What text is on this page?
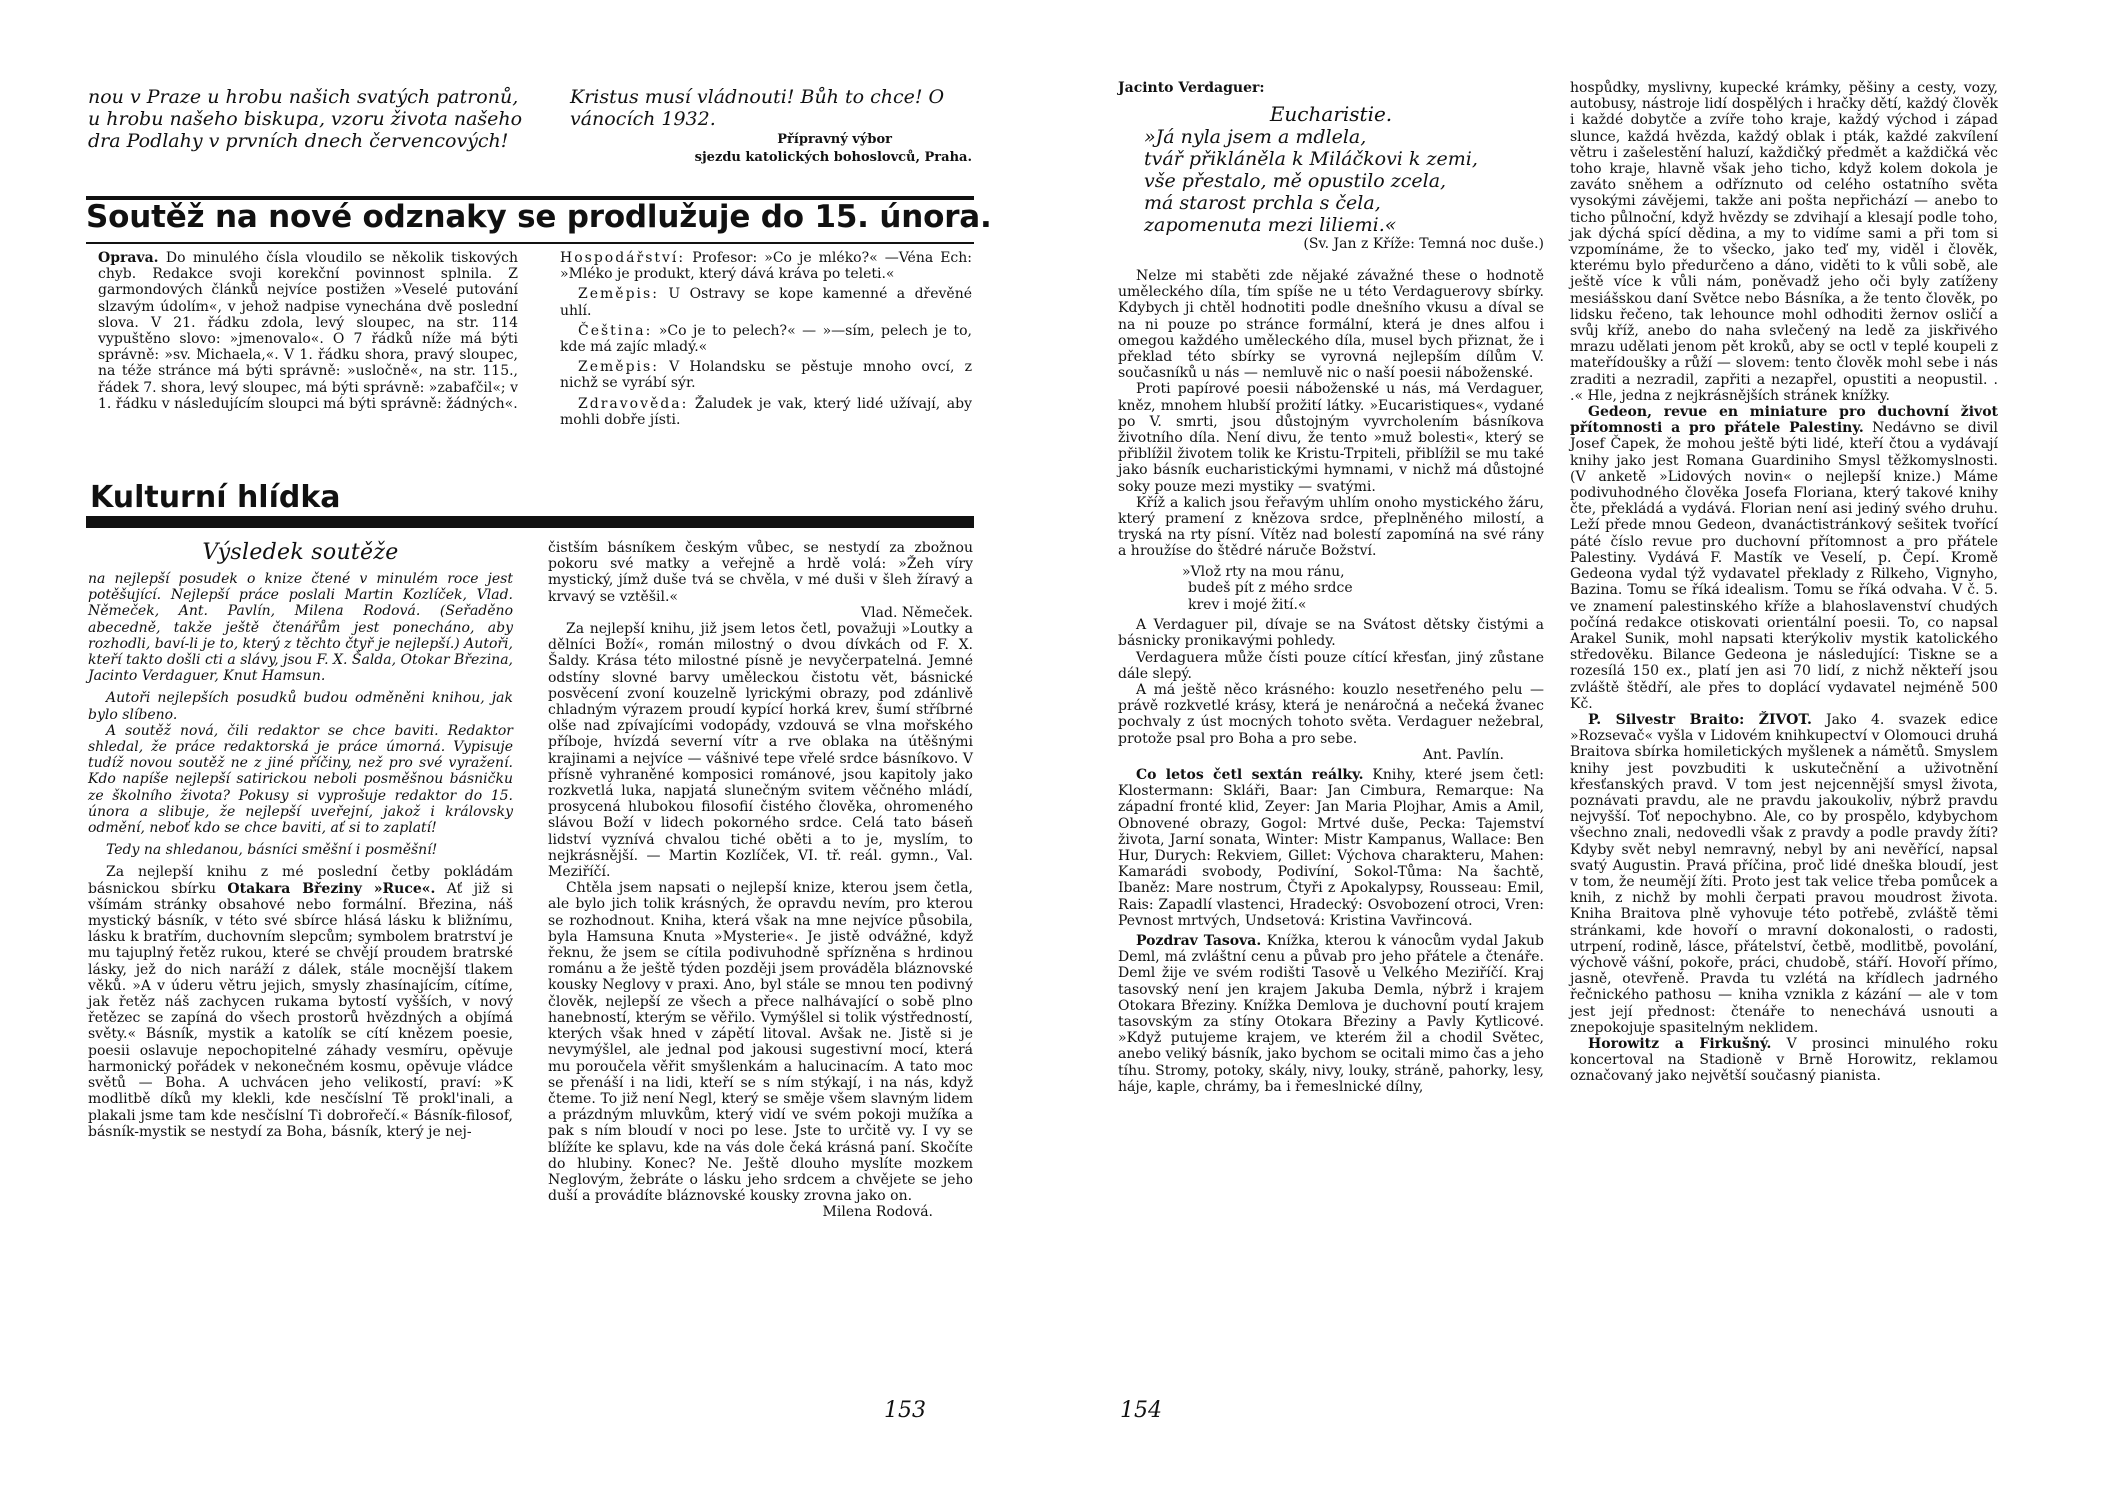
nou v Praze u hrobu našich svatých patronů, u hrobu našeho biskupa, vzoru života našeho dra Podlahy v prvních dnech červencových!

Kristus musí vládnouti! Bůh to chce! O vánocích 1932.

Přípravný výbor

sjezdu katolických bohoslovců, Praha.

Soutěž na nové odznaky se prodlužuje do 15. února.

Oprava. Do minulého čísla vloudilo se několik tiskových chyb. Redakce svoji korekční povinnost splnila. Z garmondových článků nejvíce postižen »Veselé putování slzavým údolím«, v jehož nadpise vynechána dvě poslední slova. V 21. řádku zdola, levý sloupec, na str. 114 vypuštěno slovo: »jmenovalo«. O 7 řádků níže má býti správně: »sv. Michaela,«. V 1. řádku shora, pravý sloupec, na téže stránce má býti správně: »usločně«, na str. 115., řádek 7. shora, levý sloupec, má býti správně: »zabafčil«; v 1. řádku v následujícím sloupci má býti správně: žádných«.

Hospodářství: Profesor: »Co je mléko?« —Véna Ech: »Mléko je produkt, který dává kráva po teleti.«

Zeměpis: U Ostravy se kope kamenné a dřevěné uhlí.

Čeština: »Co je to pelech?« — »—sím, pelech je to, kde má zajíc mladý.«

Zeměpis: V Holandsku se pěstuje mnoho ovcí, z nichž se vyrábí sýr.

Zdravověda: Žaludek je vak, který lidé užívají, aby mohli dobře jísti.

Kulturní hlídka
Výsledek soutěže

na nejlepší posudek o knize čtené v minulém roce jest potěšující. Nejlepší práce poslali Martin Kozlíček, Vlad. Němeček, Ant. Pavlín, Milena Rodová. (Seřaděno abecedně, takže ještě čtenářům jest ponecháno, aby rozhodli, baví-li je to, který z těchto čtyř je nejlepší.) Autoři, kteří takto došli cti a slávy, jsou F. X. Šalda, Otokar Březina, Jacinto Verdaguer, Knut Hamsun.

Autoři nejlepších posudků budou odměněni knihou, jak bylo slíbeno.

A soutěž nová, čili redaktor se chce baviti. Redaktor shledal, že práce redaktorská je práce úmorná. Vypisuje tudíž novou soutěž ne z jiné příčiny, než pro své vyražení. Kdo napíše nejlepší satirickou neboli posměšnou básničku ze školního života? Pokusy si vyprošuje redaktor do 15. února a slibuje, že nejlepší uveřejní, jakož i královsky odmění, neboť kdo se chce baviti, ať si to zaplatí!

Tedy na shledanou, básníci směšní i posměšní!

Za nejlepší knihu z mé poslední četby pokládám básnickou sbírku Otakara Březiny »Ruce«. Ať již si všímám stránky obsahové nebo formální. Březina, náš mystický básník, v této své sbírce hlásá lásku k bližnímu, lásku k bratřím, duchovním slepcům; symbolem bratrství je mu tajuplný řetěz rukou, které se chvějí proudem bratrské lásky, jež do nich naráží z dálek, stále mocnější tlakem věků. »A v úderu větru jejich, smysly zhasínajícím, cítíme, jak řetěz náš zachycen rukama bytostí vyšších, v nový řetězec se zapíná do všech prostorů hvězdných a objímá světy.« Básník, mystik a katolík se cítí knězem poesie, poesii oslavuje nepochopitelné záhady vesmíru, opěvuje harmonický pořádek v nekonečném kosmu, opěvuje vládce světů — Boha. A uchvácen jeho velikostí, praví: »K modlitbě díků my klekli, kde nesčíslní Tě prokl'inali, a plakali jsme tam kde nesčíslní Ti dobrořečí.« Básník-filosof, básník-mystik se nestydí za Boha, básník, který je nej-

čistším básníkem českým vůbec, se nestydí za zbožnou pokoru své matky a veřejně a hrdě volá: »Žeh víry mystický, jímž duše tvá se chvěla, v mé duši v šleh žíravý a krvavý se vztěšil.«

Vlad. Němeček.

Za nejlepší knihu, již jsem letos četl, považuji »Loutky a dělníci Boží«, román milostný o dvou dívkách od F. X. Šaldy. Krása této milostné písně je nevyčerpatelná. Jemné odstíny slovné barvy uměleckou čistotu vět, básnické posvěcení zvoní kouzelně lyrickými obrazy, pod zdánlivě chladným výrazem proudí kypící horká krev, šumí stříbrné olše nad zpívajícími vodopády, vzdouvá se vlna mořského příboje, hvízdá severní vítr a rve oblaka na útěšnými krajinami a nejvíce — vášnivé tepe vřelé srdce básníkovo. V přísně vyhraněné komposici románové, jsou kapitoly jako rozkvetlá luka, napjatá slunečným svitem věčného mládí, prosycená hlubokou filosofií čistého člověka, ohromeného slávou Boží v lidech pokorného srdce. Celá tato báseň lidství vyznívá chvalou tiché oběti a to je, myslím, to nejkrásnější. — Martin Kozlíček, VI. tř. reál. gymn., Val. Meziříčí.

Chtěla jsem napsati o nejlepší knize, kterou jsem četla, ale bylo jich tolik krásných, že opravdu nevím, pro kterou se rozhodnout. Kniha, která však na mne nejvíce působila, byla Hamsuna Knuta »Mysterie«. Je jistě odvážné, když řeknu, že jsem se cítila podivuhodně spřízněna s hrdinou románu a že ještě týden později jsem prováděla bláznovské kousky Neglovy v praxi. Ano, byl stále se mnou ten podivný člověk, nejlepší ze všech a přece nalhávající o sobě plno hanebností, kterým se věřilo. Vymýšlel si tolik výstředností, kterých však hned v zápětí litoval. Avšak ne. Jistě si je nevymýšlel, ale jednal pod jakousi sugestivní mocí, která mu poroučela věřit smyšlenkám a halucinacím. A tato moc se přenáší i na lidi, kteří se s ním stýkají, i na nás, když čteme. To již není Negl, který se směje všem slavným lidem a prázdným mluvkům, který vidí ve svém pokoji mužíka a pak s ním bloudí v noci po lese. Jste to určitě vy. I vy se blížíte ke splavu, kde na vás dole čeká krásná paní. Skočíte do hlubiny. Konec? Ne. Ještě dlouho myslíte mozkem Neglovým, žebráte o lásku jeho srdcem a chvějete se jeho duší a provádíte bláznovské kousky zrovna jako on.

Milena Rodová.

153

Jacinto Verdaguer:

Eucharistie.

»Já nyla jsem a mdlela,

tvář přikláněla k Miláčkovi k zemi,

vše přestalo, mě opustilo zcela,

má starost prchla s čela,

zapomenuta mezi liliemi.«

(Sv. Jan z Kříže: Temná noc duše.)

Nelze mi staběti zde nějaké závažné these o hodnotě uměleckého díla, tím spíše ne u této Verdaguerovy sbírky. Kdybych ji chtěl hodnotiti podle dnešního vkusu a díval se na ni pouze po stránce formální, která je dnes alfou i omegou každého uměleckého díla, musel bych přiznat, že i překlad této sbírky se vyrovná nejlepším dílům V. současníků u nás — nemluvě nic o naší poesii náboženské.

Proti papírové poesii náboženské u nás, má Verdaguer, kněz, mnohem hlubší prožití látky. »Eucaristiques«, vydané po V. smrti, jsou důstojným vyvrcholením básníkova životního díla. Není divu, že tento »muž bolesti«, který se přiblížil životem tolik ke Kristu-Trpiteli, přiblížil se mu také jako básník eucharistickými hymnami, v nichž má důstojné soky pouze mezi mystiky — svatými.

Kříž a kalich jsou řeřavým uhlím onoho mystického žáru, který pramení z knězova srdce, přeplněného milostí, a tryská na rty písní. Vítěz nad bolestí zapomíná na své rány a hroužíse do štědré náruče Božství.

»Vlož rty na mou ránu,

budeš pít z mého srdce

krev i mojé žití.«

A Verdaguer pil, dívaje se na Svátost dětsky čistými a básnicky pronikavými pohledy.

Verdaguera může čísti pouze cítící křesťan, jiný zůstane dále slepý.

A má ještě něco krásného: kouzlo nesetřeného pelu — právě rozkvetlé krásy, která je nenáročná a nečeká žvanec pochvaly z úst mocných tohoto světa. Verdaguer nežebral, protože psal pro Boha a pro sebe.

Ant. Pavlín.

Co letos četl sextán reálky. Knihy, které jsem četl: Klostermann: Skláři, Baar: Jan Cimbura, Remarque: Na západní fronté klid, Zeyer: Jan Maria Plojhar, Amis a Amil, Obnovené obrazy, Gogol: Mrtvé duše, Pecka: Tajemství života, Jarní sonata, Winter: Mistr Kampanus, Wallace: Ben Hur, Durych: Rekviem, Gillet: Výchova charakteru, Mahen: Kamarádi svobody, Podivíní, Sokol-Tůma: Na šachtě, Ibaněz: Mare nostrum, Čtyři z Apokalypsy, Rousseau: Emil, Rais: Zapadlí vlastenci, Hradecký: Osvobození otroci, Vren: Pevnost mrtvých, Undsetová: Kristina Vavřincová.

Pozdrav Tasova. Knížka, kterou k vánocům vydal Jakub Deml, má zvláštní cenu a půvab pro jeho přátele a čtenáře. Deml žije ve svém rodišti Tasově u Velkého Meziříčí. Kraj tasovský není jen krajem Jakuba Demla, nýbrž i krajem Otokara Březiny. Knížka Demlova je duchovní poutí krajem tasovským za stíny Otokara Březiny a Pavly Kytlicové. »Když putujeme krajem, ve kterém žil a chodil Světec, anebo veliký básník, jako bychom se ocitali mimo čas a jeho tíhu. Stromy, potoky, skály, nivy, louky, stráně, pahorky, lesy, háje, kaple, chrámy, ba i řemeslnické dílny,

hospůdky, myslivny, kupecké krámky, pěšiny a cesty, vozy, autobusy, nástroje lidí dospělých i hračky dětí, každý člověk i každé dobytče a zvíře toho kraje, každý východ i západ slunce, každá hvězda, každý oblak i pták, každé zakvílení větru i zašelestění haluzí, každičký předmět a každičká věc toho kraje, hlavně však jeho ticho, když kolem dokola je zaváto sněhem a odříznuto od celého ostatního světa vysokými závějemi, takže ani pošta nepřichází — anebo to ticho půlnoční, když hvězdy se zdvihají a klesají podle toho, jak dýchá spící dědina, a my to vidíme sami a při tom si vzpomínáme, že to všecko, jako teď my, viděl i člověk, kterému bylo předurčeno a dáno, viděti to k vůli sobě, ale ještě více k vůli nám, poněvadž jeho oči byly zatíženy mesiášskou daní Světce nebo Básníka, a že tento člověk, po lidsku řečeno, tak lehounce mohl odhoditi žernov osličí a svůj kříž, anebo do naha svlečený na ledě za jiskřivého mrazu udělati jenom pět kroků, aby se octl v teplé koupeli z mateřídoušky a růží — slovem: tento člověk mohl sebe i nás zraditi a nezradil, zapřiti a nezapřel, opustiti a neopustil. . .« Hle, jedna z nejkrásnějších stránek knížky.

Gedeon, revue en miniature pro duchovní život přítomnosti a pro přátele Palestiny. Nedávno se divil Josef Čapek, že mohou ještě býti lidé, kteří čtou a vydávají knihy jako jest Romana Guardiniho Smysl těžkomyslnosti. (V anketě »Lidových novin« o nejlepší knize.) Máme podivuhodného člověka Josefa Floriana, který takové knihy čte, překládá a vydává. Florian není asi jediný svého druhu. Leží přede mnou Gedeon, dvanáctistránkový sešitek tvořící páté číslo revue pro duchovní přítomnost a pro přátele Palestiny. Vydává F. Mastík ve Veselí, p. Čepí. Kromě Gedeona vydal týž vydavatel překlady z Rilkeho, Vignyho, Bazina. Tomu se říká idealism. Tomu se říká odvaha. V č. 5. ve znamení palestinského kříže a blahoslavenství chudých počíná redakce otiskovati orientální poesii. To, co napsal Arakel Sunik, mohl napsati kterýkoliv mystik katolického středověku. Bilance Gedeona je následující: Tiskne se a rozesílá 150 ex., platí jen asi 70 lidí, z nichž někteří jsou zvláště štědří, ale přes to doplácí vydavatel nejméně 500 Kč.

P. Silvestr Braito: ŽIVOT. Jako 4. svazek edice »Rozsevač« vyšla v Lidovém knihkupectví v Olomouci druhá Braitova sbírka homiletických myšlenek a námětů. Smyslem knihy jest povzbuditi k uskutečnění a uživotnění křesťanských pravd. V tom jest nejcennější smysl života, poznávati pravdu, ale ne pravdu jakoukoliv, nýbrž pravdu nejvyšší. Toť nepochybno. Ale, co by prospělo, kdybychom všechno znali, nedovedli však z pravdy a podle pravdy žíti? Kdyby svět nebyl nemravný, nebyl by ani nevěřící, napsal svatý Augustin. Pravá příčina, proč lidé dneška bloudí, jest v tom, že neumějí žíti. Proto jest tak velice třeba pomůcek a knih, z nichž by mohli čerpati pravou moudrost života. Kniha Braitova plně vyhovuje této potřebě, zvláště těmi stránkami, kde hovoří o mravní dokonalosti, o radosti, utrpení, rodině, lásce, přátelství, četbě, modlitbě, povolání, výchově vášní, pokoře, práci, chudobě, stáří. Hovoří přímo, jasně, otevřeně. Pravda tu vzlétá na křídlech jadrného řečnického pathosu — kniha vznikla z kázání — ale v tom jest její přednost: čtenáře to nenechává usnouti a znepokojuje spasitelným neklidem.

Horowitz a Firkušný. V prosinci minulého roku koncertoval na Stadioně v Brně Horowitz, reklamou označovaný jako největší současný pianista.

154
